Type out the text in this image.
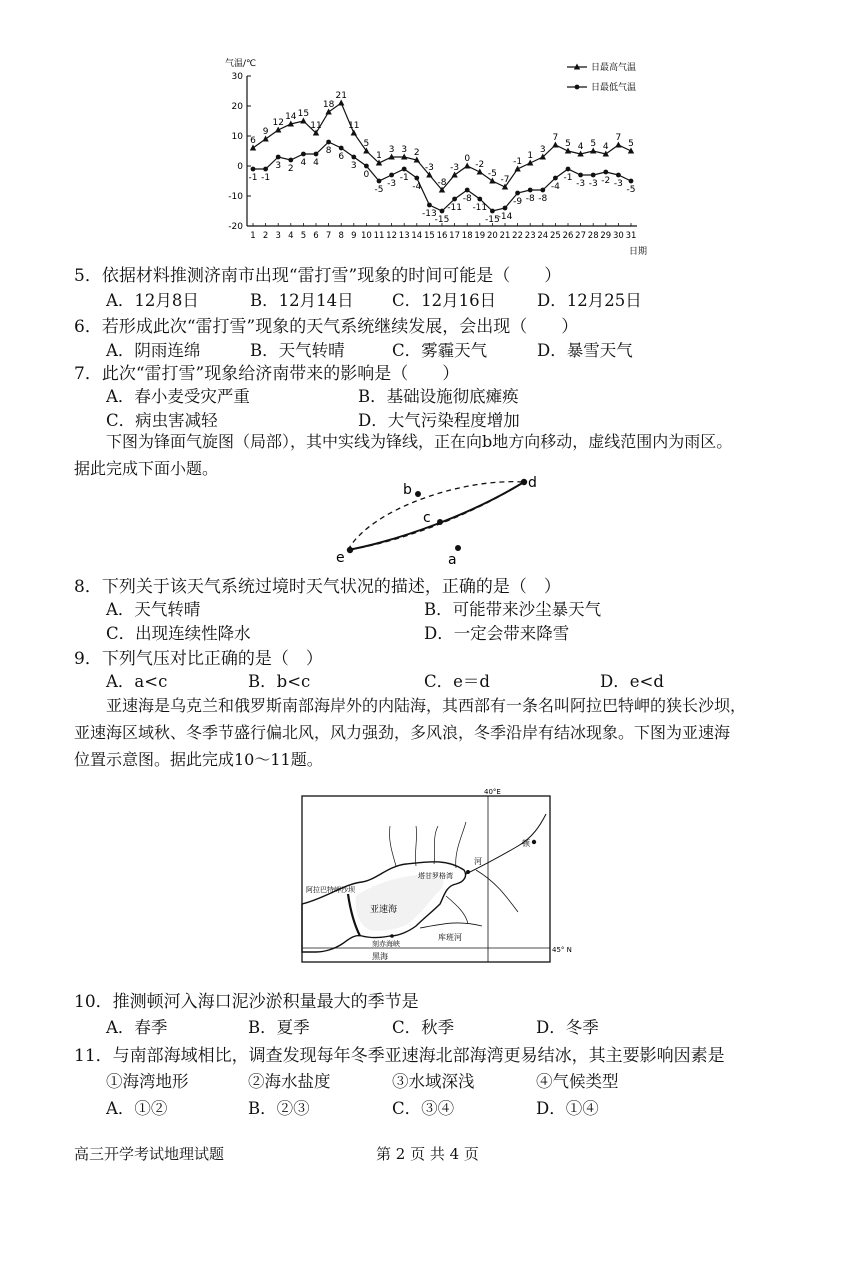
气温/℃
30
20
10
0
-10
-20
1 2 3 4 5 6 7 8 9 10 11 12 13 14 15 16 17 18 19 20 21 22 23 24 25 26 27 28 29 30 31
日期
6
9
12
14 15
11
18
21
11
5
1
3 3 2
-3
-8
-3
0
-2
-5
-7
-1
1
3
7
5 4 5 4
7
5
-1 -1
3 2
4 4
8
6
3
0
-5
-3
-1
-4
-13
-15
-11
-8
-11
-15
-14
-9 -8 -8
-4
-1
-3 -3 -2 -3
-5
日最高气温
日最低气温
5．依据材料推测济南市出现“雷打雪”现象的时间可能是（　　）
A．12月8日	B．12月14日 C．12月16日 D．12月25日
6．若形成此次“雷打雪”现象的天气系统继续发展，会出现（　　）
A．阴雨连绵	B．天气转晴	C．雾霾天气	D．暴雪天气
7．此次“雷打雪”现象给济南带来的影响是（　　）
A．春小麦受灾严重	B．基础设施彻底瘫痪
C．病虫害减轻	D．大气污染程度增加
下图为锋面气旋图（局部），其中实线为锋线，正在向b地方向移动，虚线范围内为雨区。
据此完成下面小题。
b	d
c
e	a
8．下列关于该天气系统过境时天气状况的描述，正确的是（　）
A．天气转晴	B．可能带来沙尘暴天气
C．出现连续性降水	D．一定会带来降雪
9．下列气压对比正确的是（　）
A．a<c	B．b<c	C．e＝d	D．e<d
亚速海是乌克兰和俄罗斯南部海岸外的内陆海，其西部有一条名叫阿拉巴特岬的狭长沙坝，
亚速海区域秋、冬季节盛行偏北风，风力强劲，多风浪，冬季沿岸有结冰现象。下图为亚速海
位置示意图。据此完成10～11题。
40°E
45° N
顿
河
塔甘罗格湾
阿拉巴特岬沙坝
亚速海
库班河
刻赤海峡
黑海
10．推测顿河入海口泥沙淤积量最大的季节是
A．春季	B．夏季	C．秋季	D．冬季
11．与南部海域相比，调查发现每年冬季亚速海北部海湾更易结冰，其主要影响因素是
①海湾地形	②海水盐度	③水域深浅	④气候类型
A．①②	B．②③	C．③④	D．①④
高三开学考试地理试题	第 2 页 共 4 页
